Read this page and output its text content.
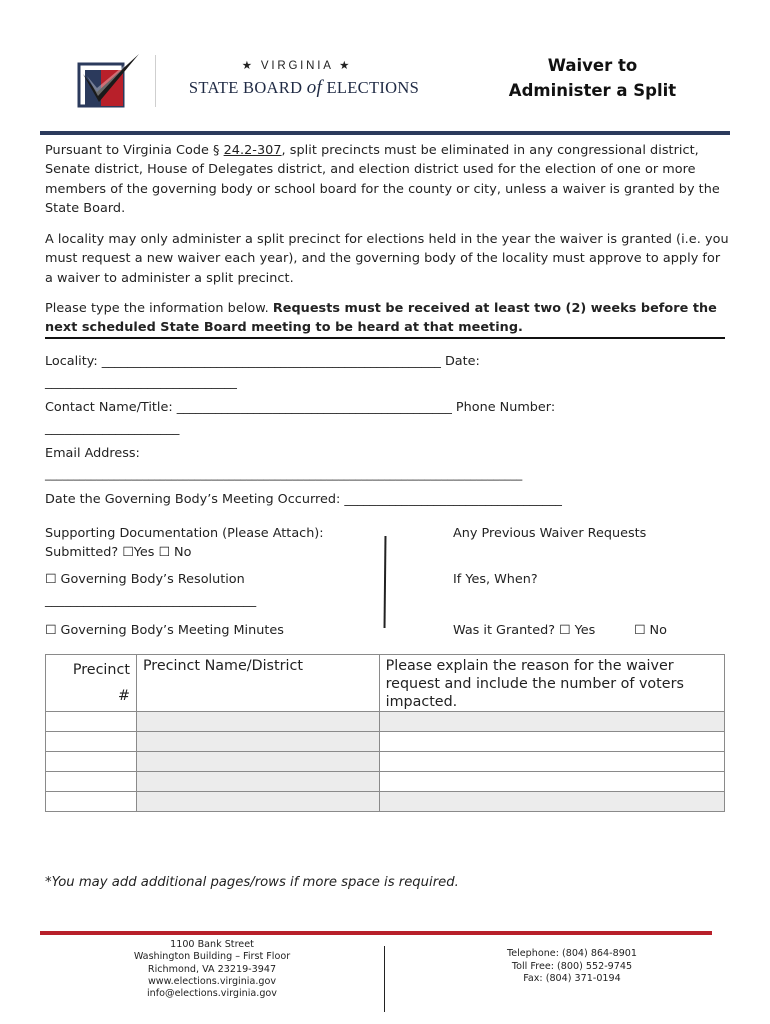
★ VIRGINIA ★
STATE BOARD of ELECTIONS
Waiver to
Administer a Split
Pursuant to Virginia Code § 24.2-307, split precincts must be eliminated in any congressional district, Senate district, House of Delegates district, and election district used for the election of one or more members of the governing body or school board for the county or city, unless a waiver is granted by the State Board.
A locality may only administer a split precinct for elections held in the year the waiver is granted (i.e. you must request a new waiver each year), and the governing body of the locality must approve to apply for a waiver to administer a split precinct.
Please type the information below. Requests must be received at least two (2) weeks before the next scheduled State Board meeting to be heard at that meeting.
Locality: _____________________________________________________ Date:
______________________________
Contact Name/Title: ___________________________________________ Phone Number:
_____________________
Email Address:
___________________________________________________________________________________
Date the Governing Body’s Meeting Occurred: __________________________________
Supporting Documentation (Please Attach):
Submitted? ☐Yes ☐ No
☐ Governing Body’s Resolution
_________________________________
☐ Governing Body’s Meeting Minutes
Any Previous Waiver Requests
If Yes, When?
Was it Granted? ☐ Yes	☐ No
Precinct
#	Precinct Name/District	Please explain the reason for the waiver request and include the number of voters impacted.

*You may add additional pages/rows if more space is required.
1100 Bank Street
Washington Building – First Floor
Richmond, VA 23219-3947
www.elections.virginia.gov
info@elections.virginia.gov
Telephone: (804) 864-8901
Toll Free: (800) 552-9745
Fax: (804) 371-0194
